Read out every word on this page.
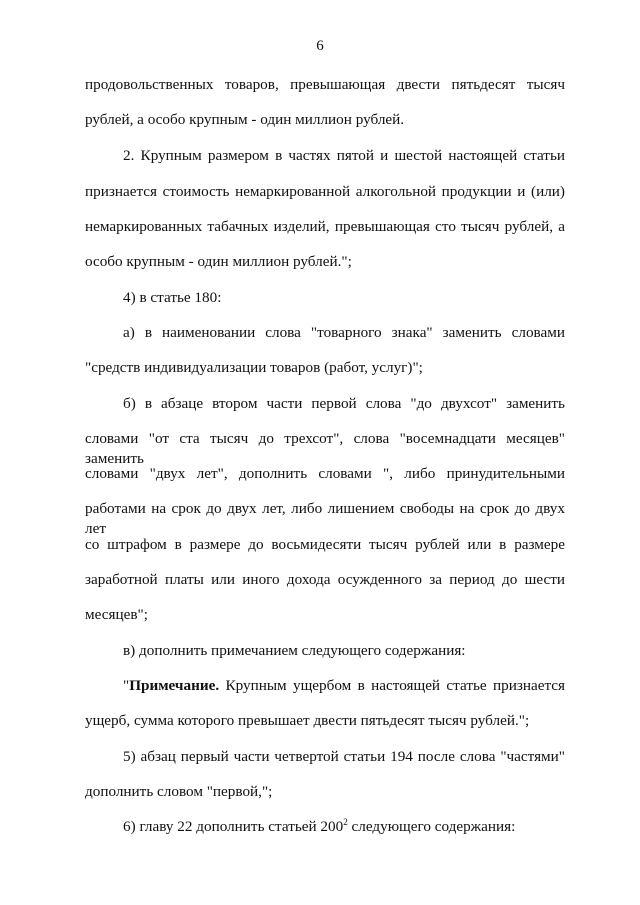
6
продовольственных товаров, превышающая двести пятьдесят тысяч
рублей, а особо крупным - один миллион рублей.
2. Крупным размером в частях пятой и шестой настоящей статьи
признается стоимость немаркированной алкогольной продукции и (или)
немаркированных табачных изделий, превышающая сто тысяч рублей, а
особо крупным - один миллион рублей.";
4) в статье 180:
а) в наименовании слова "товарного знака" заменить словами
"средств индивидуализации товаров (работ, услуг)";
б) в абзаце втором части первой слова "до двухсот" заменить
словами "от ста тысяч до трехсот", слова "восемнадцати месяцев" заменить
словами "двух лет", дополнить словами ", либо принудительными
работами на срок до двух лет, либо лишением свободы на срок до двух лет
со штрафом в размере до восьмидесяти тысяч рублей или в размере
заработной платы или иного дохода осужденного за период до шести
месяцев";
в) дополнить примечанием следующего содержания:
"Примечание. Крупным ущербом в настоящей статье признается
ущерб, сумма которого превышает двести пятьдесят тысяч рублей.";
5) абзац первый части четвертой статьи 194 после слова "частями"
дополнить словом "первой,";
6) главу 22 дополнить статьей $200^2$ следующего содержания:
